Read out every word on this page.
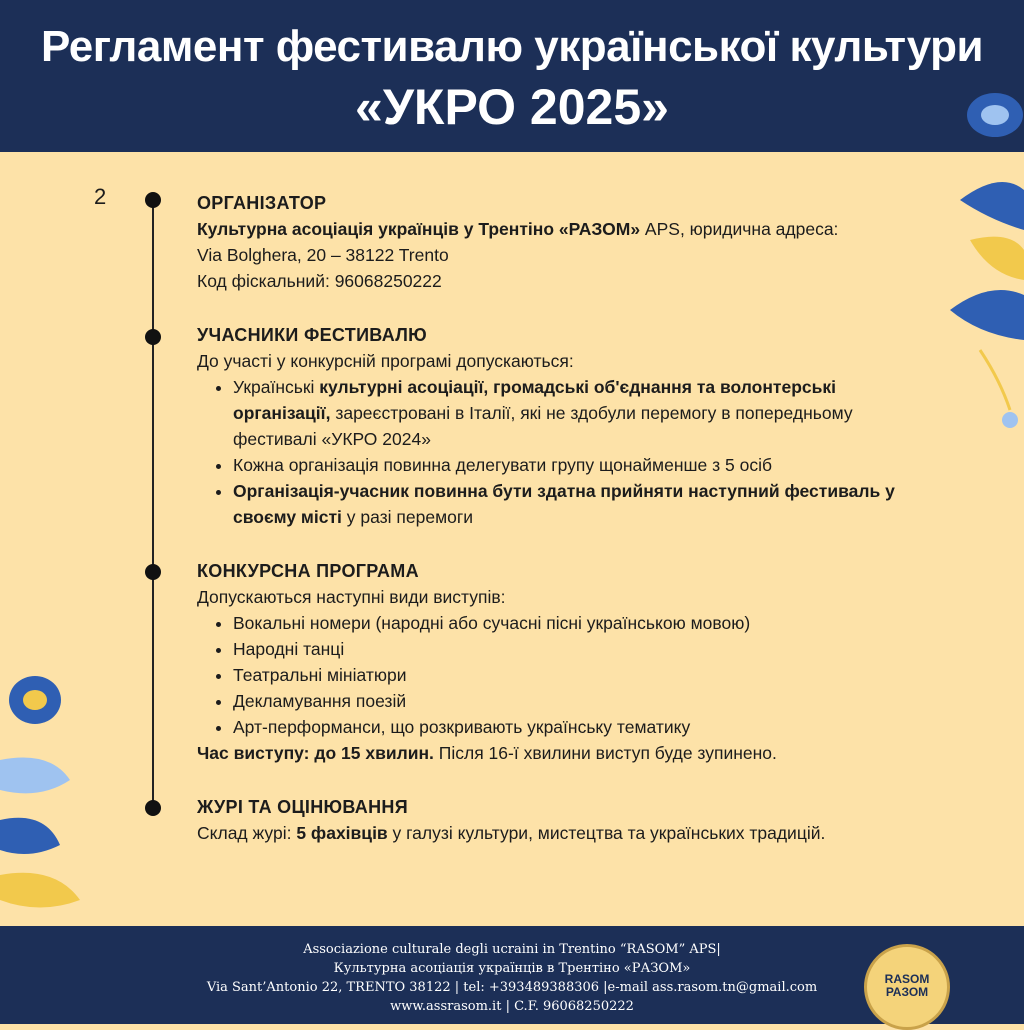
Регламент фестивалю української культури
«УКРО 2025»
2	ОРГАНІЗАТОР
Культурна асоціація українців у Трентіно «РАЗОМ» APS, юридична адреса:
Via Bolghera, 20 – 38122 Trento
Код фіскальний: 96068250222
УЧАСНИКИ ФЕСТИВАЛЮ
До участі у конкурсній програмі допускаються:
• Українські культурні асоціації, громадські об'єднання та волонтерські організації, зареєстровані в Італії, які не здобули перемогу в попередньому фестивалі «УКРО 2024»
• Кожна організація повинна делегувати групу щонайменше з 5 осіб
• Організація-учасник повинна бути здатна прийняти наступний фестиваль у своєму місті у разі перемоги
КОНКУРСНА ПРОГРАМА
Допускаються наступні види виступів:
• Вокальні номери (народні або сучасні пісні українською мовою)
• Народні танці
• Театральні мініатюри
• Декламування поезій
• Арт-перформанси, що розкривають українську тематику
Час виступу: до 15 хвилин. Після 16-ї хвилини виступ буде зупинено.
ЖУРІ ТА ОЦІНЮВАННЯ
Склад журі: 5 фахівців у галузі культури, мистецтва та українських традицій.
Associazione culturale degli ucraini in Trentino “RASOM” APS|
Культурна асоціація українців в Трентіно «РАЗОМ»
Via Sant’Antonio 22, TRENTO 38122 | tel: +393489388306 |e-mail ass.rasom.tn@gmail.com
www.assrasom.it | C.F. 96068250222
RASOM РАЗОМ
